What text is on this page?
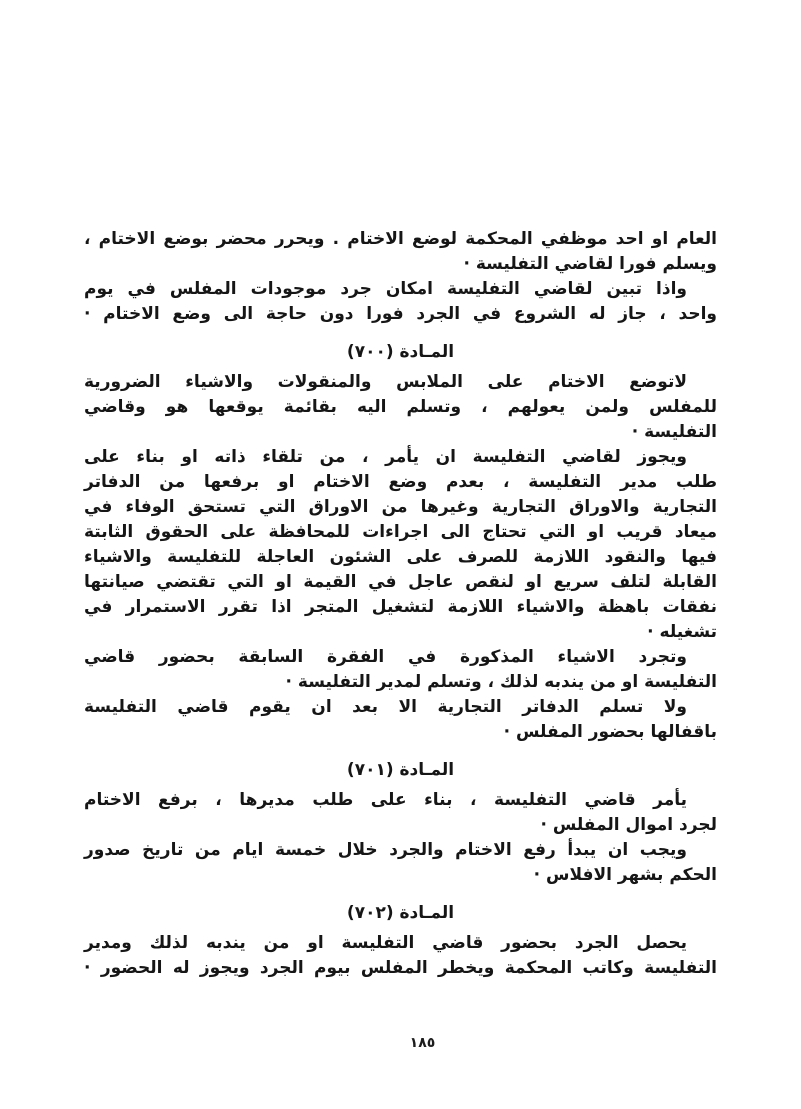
العام او احد موظفي المحكمة لوضع الاختام . ويحرر محضر بوضع الاختام ،
ويسلم فورا لقاضي التفليسة ·
واذا تبين لقاضي التفليسة امكان جرد موجودات المفلس في يوم
واحد ، جاز له الشروع في الجرد فورا دون حاجة الى وضع الاختام ·
المـادة (٧٠٠)
لاتوضع الاختام على الملابس والمنقولات والاشياء الضرورية
للمفلس ولمن يعولهم ، وتسلم اليه بقائمة يوقعها هو وقاضي
التفليسة ·
ويجوز لقاضي التفليسة ان يأمر ، من تلقاء ذاته او بناء على
طلب مدير التفليسة ، بعدم وضع الاختام او برفعها من الدفاتر
التجارية والاوراق التجارية وغيرها من الاوراق التي تستحق الوفاء في
ميعاد قريب او التي تحتاج الى اجراءات للمحافظة على الحقوق الثابتة
فيها والنقود اللازمة للصرف على الشئون العاجلة للتفليسة والاشياء
القابلة لتلف سريع او لنقص عاجل في القيمة او التي تقتضي صيانتها
نفقات باهظة والاشياء اللازمة لتشغيل المتجر اذا تقرر الاستمرار في
تشغيله ·
وتجرد الاشياء المذكورة في الفقرة السابقة بحضور قاضي
التفليسة او من يندبه لذلك ، وتسلم لمدير التفليسة ·
ولا تسلم الدفاتر التجارية الا بعد ان يقوم قاضي التفليسة
باقفالها بحضور المفلس ·
المـادة (٧٠١)
يأمر قاضي التفليسة ، بناء على طلب مديرها ، برفع الاختام
لجرد اموال المفلس ·
ويجب ان يبدأ رفع الاختام والجرد خلال خمسة ايام من تاريخ صدور
الحكم بشهر الافلاس ·
المـادة (٧٠٢)
يحصل الجرد بحضور قاضي التفليسة او من يندبه لذلك ومدير
التفليسة وكاتب المحكمة ويخطر المفلس بيوم الجرد ويجوز له الحضور ·
١٨٥
